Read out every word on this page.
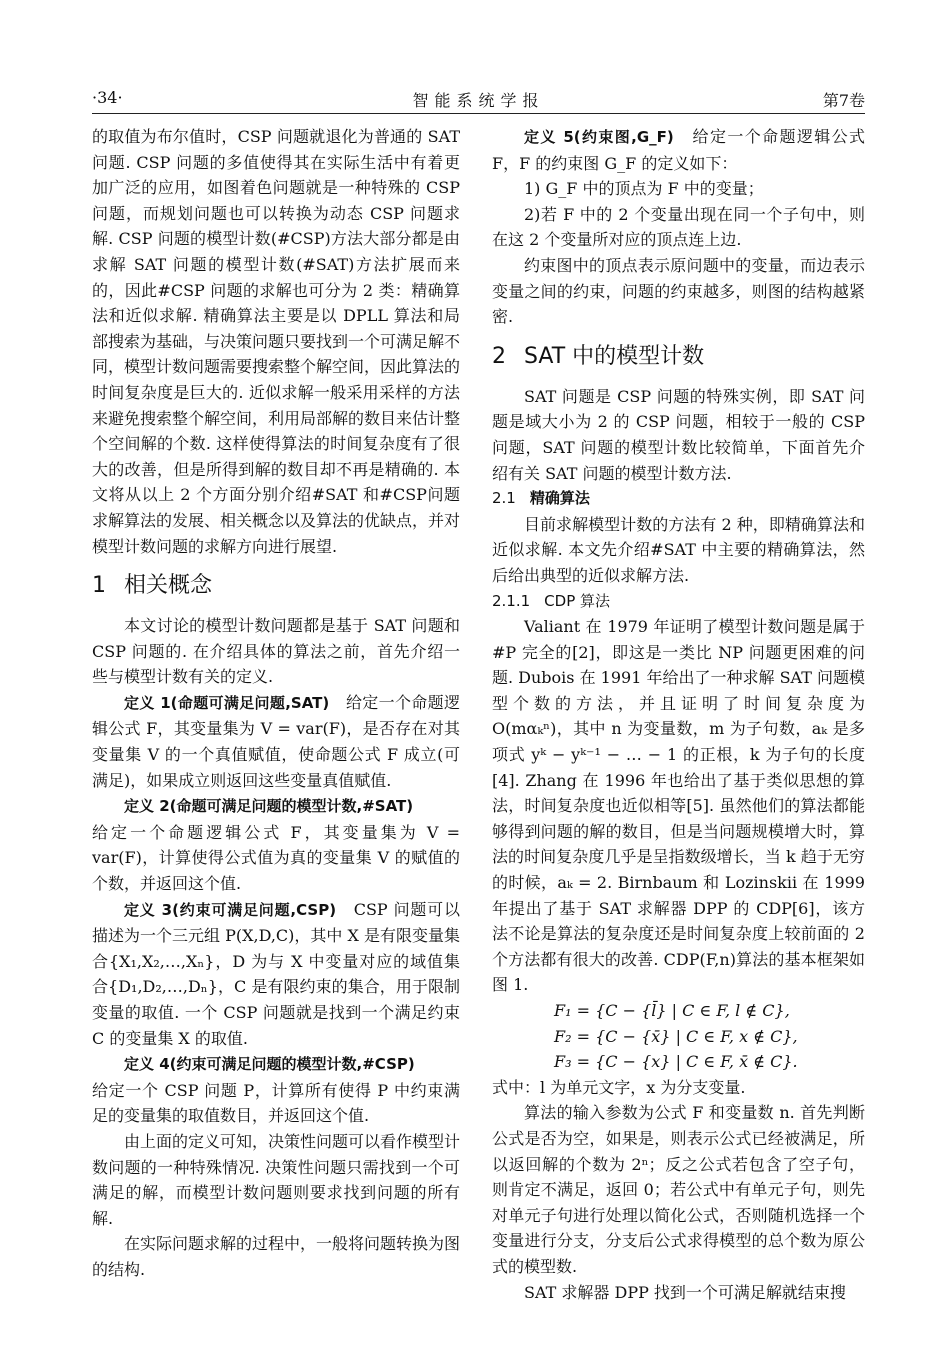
·34·	智能系统学报	第7卷

的取值为布尔值时，CSP 问题就退化为普通的 SAT 问题. CSP 问题的多值使得其在实际生活中有着更加广泛的应用，如图着色问题就是一种特殊的 CSP 问题，而规划问题也可以转换为动态 CSP 问题求解. CSP 问题的模型计数(#CSP)方法大部分都是由求解 SAT 问题的模型计数(#SAT)方法扩展而来的，因此#CSP 问题的求解也可分为 2 类：精确算法和近似求解. 精确算法主要是以 DPLL 算法和局部搜索为基础，与决策问题只要找到一个可满足解不同，模型计数问题需要搜索整个解空间，因此算法的时间复杂度是巨大的. 近似求解一般采用采样的方法来避免搜索整个解空间，利用局部解的数目来估计整个空间解的个数. 这样使得算法的时间复杂度有了很大的改善，但是所得到解的数目却不再是精确的. 本文将从以上 2 个方面分别介绍#SAT 和#CSP问题求解算法的发展、相关概念以及算法的优缺点，并对模型计数问题的求解方向进行展望.

1 相关概念

本文讨论的模型计数问题都是基于 SAT 问题和 CSP 问题的. 在介绍具体的算法之前，首先介绍一些与模型计数有关的定义.

定义 1(命题可满足问题,SAT)　给定一个命题逻辑公式 F，其变量集为 V = var(F)，是否存在对其变量集 V 的一个真值赋值，使命题公式 F 成立(可满足)，如果成立则返回这些变量真值赋值.

定义 2(命题可满足问题的模型计数,#SAT)

给定一个命题逻辑公式 F，其变量集为 V = var(F)，计算使得公式值为真的变量集 V 的赋值的个数，并返回这个值.

定义 3(约束可满足问题,CSP)　CSP 问题可以描述为一个三元组 P(X,D,C)，其中 X 是有限变量集合{X₁,X₂,…,Xₙ}，D 为与 X 中变量对应的域值集合{D₁,D₂,…,Dₙ}，C 是有限约束的集合，用于限制变量的取值. 一个 CSP 问题就是找到一个满足约束 C 的变量集 X 的取值.

定义 4(约束可满足问题的模型计数,#CSP)

给定一个 CSP 问题 P，计算所有使得 P 中约束满足的变量集的取值数目，并返回这个值.

由上面的定义可知，决策性问题可以看作模型计数问题的一种特殊情况. 决策性问题只需找到一个可满足的解，而模型计数问题则要求找到问题的所有解.

在实际问题求解的过程中，一般将问题转换为图的结构.

定义 5(约束图,G_F)　给定一个命题逻辑公式 F，F 的约束图 G_F 的定义如下：

1) G_F 中的顶点为 F 中的变量；

2)若 F 中的 2 个变量出现在同一个子句中，则在这 2 个变量所对应的顶点连上边.

约束图中的顶点表示原问题中的变量，而边表示变量之间的约束，问题的约束越多，则图的结构越紧密.

2 SAT 中的模型计数

SAT 问题是 CSP 问题的特殊实例，即 SAT 问题是域大小为 2 的 CSP 问题，相较于一般的 CSP 问题，SAT 问题的模型计数比较简单，下面首先介绍有关 SAT 问题的模型计数方法.

2.1 精确算法

目前求解模型计数的方法有 2 种，即精确算法和近似求解. 本文先介绍#SAT 中主要的精确算法，然后给出典型的近似求解方法.

2.1.1 CDP 算法

Valiant 在 1979 年证明了模型计数问题是属于#P 完全的[2]，即这是一类比 NP 问题更困难的问题. Dubois 在 1991 年给出了一种求解 SAT 问题模型个数的方法，并且证明了时间复杂度为 O(mαₖⁿ)，其中 n 为变量数，m 为子句数，aₖ 是多项式 yᵏ − yᵏ⁻¹ − … − 1 的正根，k 为子句的长度[4]. Zhang 在 1996 年也给出了基于类似思想的算法，时间复杂度也近似相等[5]. 虽然他们的算法都能够得到问题的解的数目，但是当问题规模增大时，算法的时间复杂度几乎是呈指数级增长，当 k 趋于无穷的时候，aₖ = 2. Birnbaum 和 Lozinskii 在 1999 年提出了基于 SAT 求解器 DPP 的 CDP[6]，该方法不论是算法的复杂度还是时间复杂度上较前面的 2 个方法都有很大的改善. CDP(F,n)算法的基本框架如图 1.

F₁ = {C − {l̄} | C ∈ F, l ∉ C},

F₂ = {C − {x̄} | C ∈ F, x ∉ C},

F₃ = {C − {x} | C ∈ F, x̄ ∉ C}.

式中：l 为单元文字，x 为分支变量.

算法的输入参数为公式 F 和变量数 n. 首先判断公式是否为空，如果是，则表示公式已经被满足，所以返回解的个数为 2ⁿ；反之公式若包含了空子句，则肯定不满足，返回 0；若公式中有单元子句，则先对单元子句进行处理以简化公式，否则随机选择一个变量进行分支，分支后公式求得模型的总个数为原公式的模型数.

SAT 求解器 DPP 找到一个可满足解就结束搜
